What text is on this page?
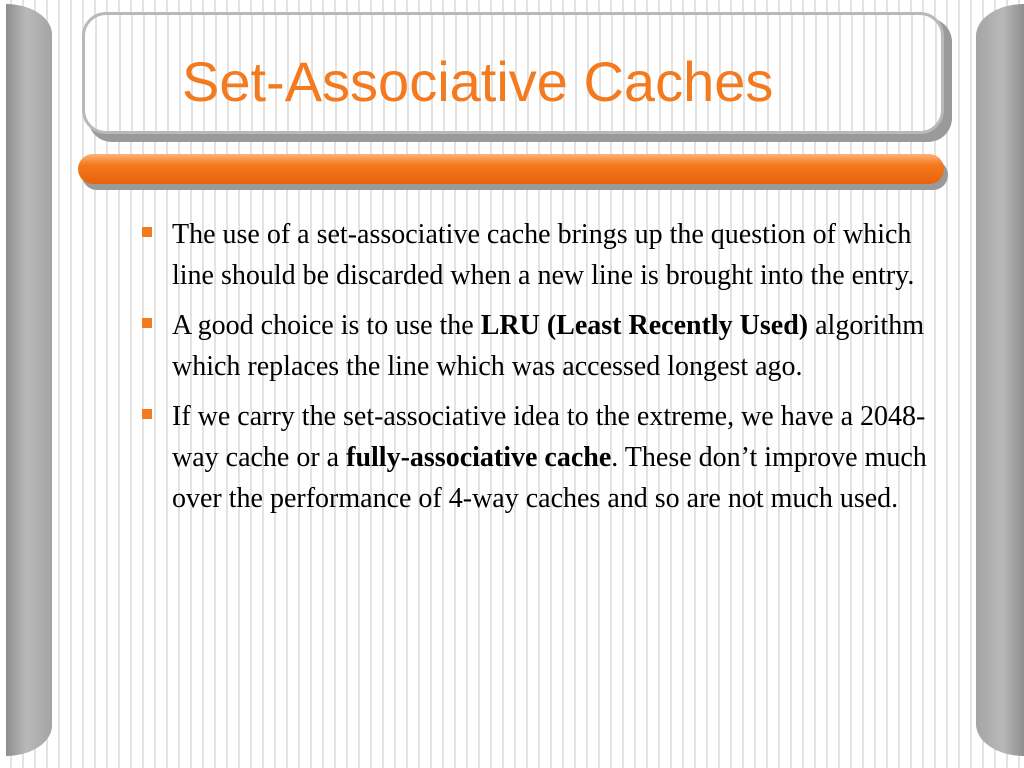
Set-Associative Caches
The use of a set-associative cache brings up the question of which line should be discarded when a new line is brought into the entry.
A good choice is to use the LRU (Least Recently Used) algorithm which replaces the line which was accessed longest ago.
If we carry the set-associative idea to the extreme, we have a 2048-way cache or a fully-associative cache. These don’t improve much over the performance of 4-way caches and so are not much used.
